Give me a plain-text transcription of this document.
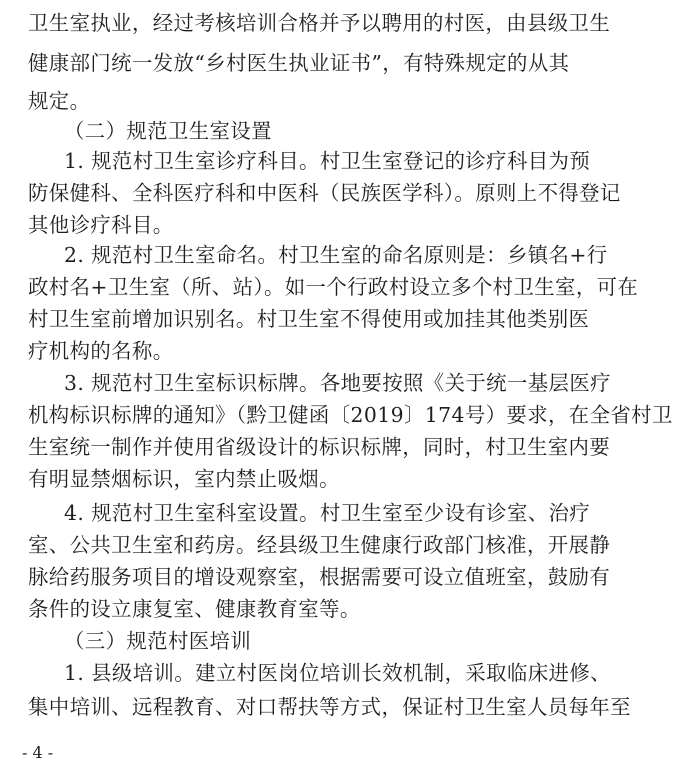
卫生室执业，经过考核培训合格并予以聘用的村医，由县级卫生
健康部门统一发放“乡村医生执业证书”，有特殊规定的从其
规定。
（二）规范卫生室设置
1. 规范村卫生室诊疗科目。村卫生室登记的诊疗科目为预
防保健科、全科医疗科和中医科（民族医学科）。原则上不得登记
其他诊疗科目。
2. 规范村卫生室命名。村卫生室的命名原则是：乡镇名+行
政村名+卫生室（所、站）。如一个行政村设立多个村卫生室，可在
村卫生室前增加识别名。村卫生室不得使用或加挂其他类别医
疗机构的名称。
3. 规范村卫生室标识标牌。各地要按照《关于统一基层医疗
机构标识标牌的通知》（黔卫健函〔2019〕174号）要求，在全省村卫
生室统一制作并使用省级设计的标识标牌，同时，村卫生室内要
有明显禁烟标识，室内禁止吸烟。
4. 规范村卫生室科室设置。村卫生室至少设有诊室、治疗
室、公共卫生室和药房。经县级卫生健康行政部门核准，开展静
脉给药服务项目的增设观察室，根据需要可设立值班室，鼓励有
条件的设立康复室、健康教育室等。
（三）规范村医培训
1. 县级培训。建立村医岗位培训长效机制，采取临床进修、
集中培训、远程教育、对口帮扶等方式，保证村卫生室人员每年至
- 4 -
